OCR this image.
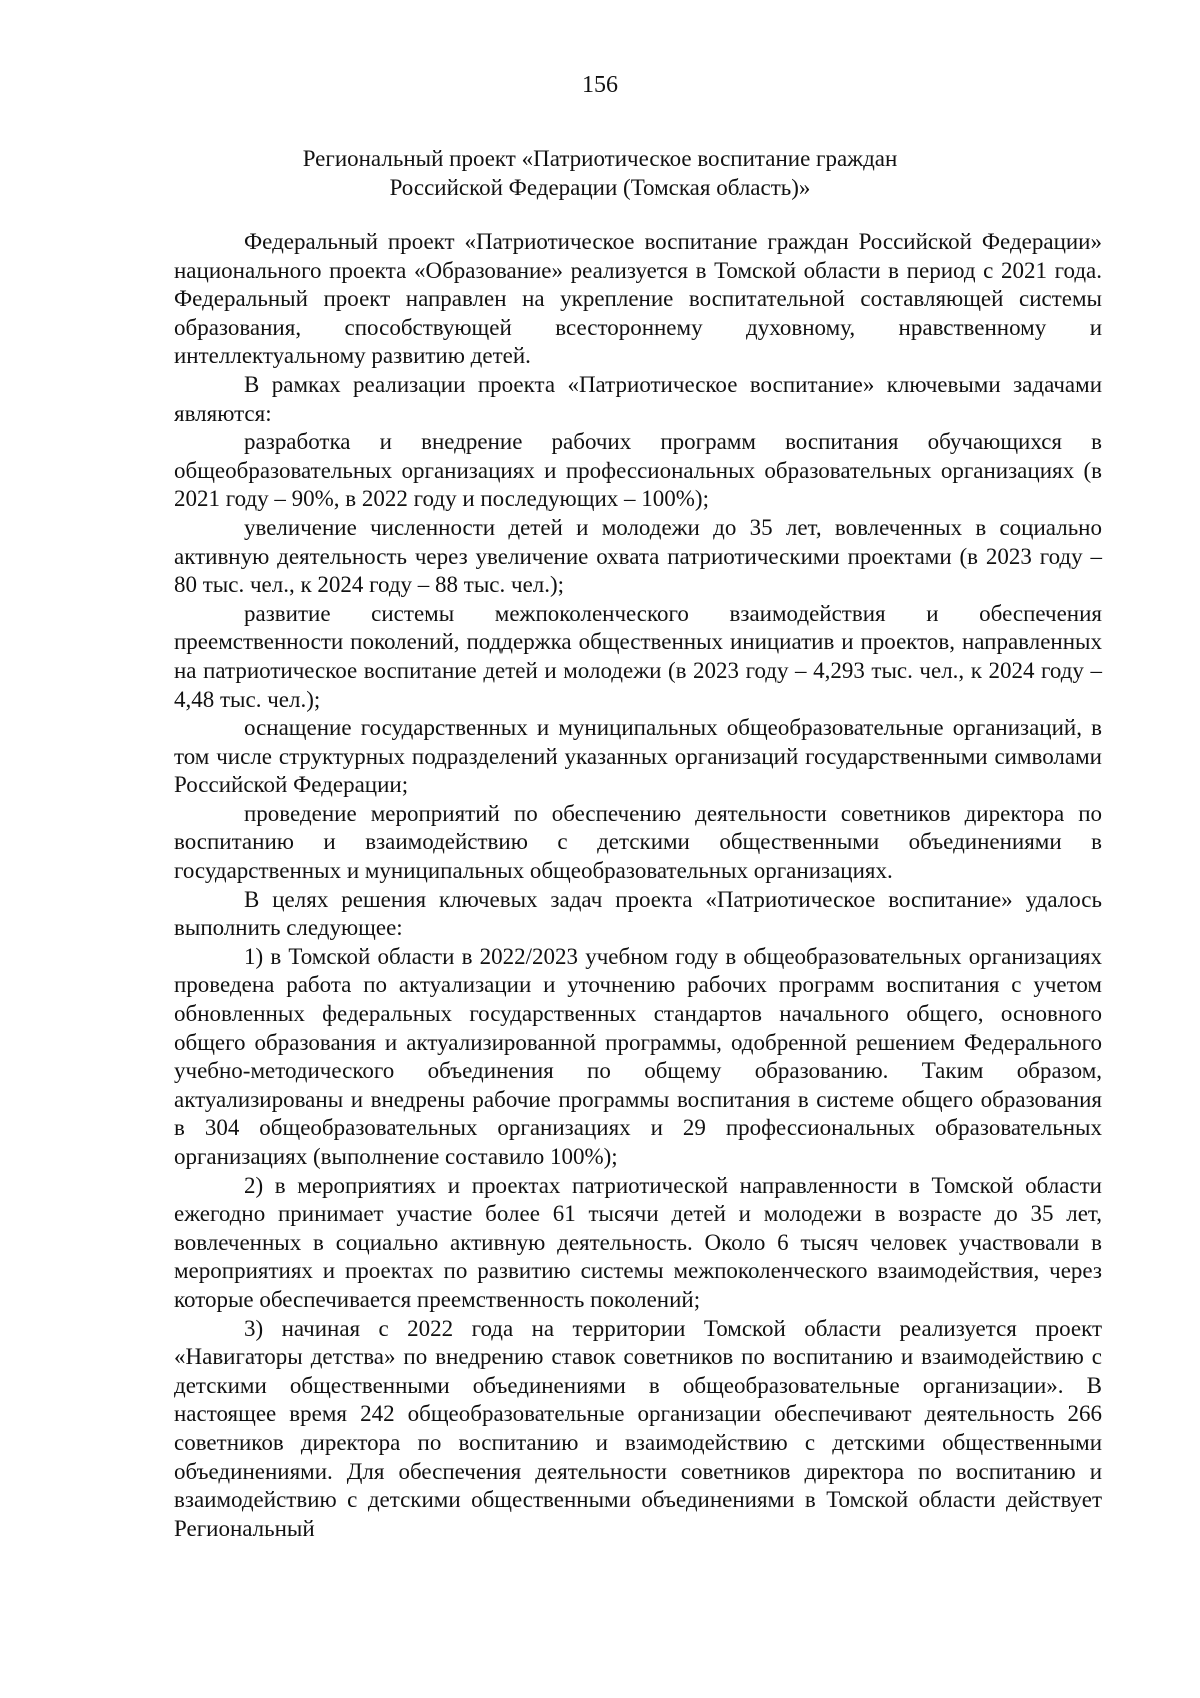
156
Региональный проект «Патриотическое воспитание граждан
Российской Федерации (Томская область)»

Федеральный проект «Патриотическое воспитание граждан Российской Федерации» национального проекта «Образование» реализуется в Томской области в период с 2021 года. Федеральный проект направлен на укрепление воспитательной составляющей системы образования, способствующей всестороннему духовному, нравственному и интеллектуальному развитию детей.

В рамках реализации проекта «Патриотическое воспитание» ключевыми задачами являются:

разработка и внедрение рабочих программ воспитания обучающихся в общеобразовательных организациях и профессиональных образовательных организациях (в 2021 году – 90%, в 2022 году и последующих – 100%);

увеличение численности детей и молодежи до 35 лет, вовлеченных в социально активную деятельность через увеличение охвата патриотическими проектами (в 2023 году – 80 тыс. чел., к 2024 году – 88 тыс. чел.);

развитие системы межпоколенческого взаимодействия и обеспечения преемственности поколений, поддержка общественных инициатив и проектов, направленных на патриотическое воспитание детей и молодежи (в 2023 году – 4,293 тыс. чел., к 2024 году – 4,48 тыс. чел.);

оснащение государственных и муниципальных общеобразовательные организаций, в том числе структурных подразделений указанных организаций государственными символами Российской Федерации;

проведение мероприятий по обеспечению деятельности советников директора по воспитанию и взаимодействию с детскими общественными объединениями в государственных и муниципальных общеобразовательных организациях.

В целях решения ключевых задач проекта «Патриотическое воспитание» удалось выполнить следующее:

1) в Томской области в 2022/2023 учебном году в общеобразовательных организациях проведена работа по актуализации и уточнению рабочих программ воспитания с учетом обновленных федеральных государственных стандартов начального общего, основного общего образования и актуализированной программы, одобренной решением Федерального учебно-методического объединения по общему образованию. Таким образом, актуализированы и внедрены рабочие программы воспитания в системе общего образования в 304 общеобразовательных организациях и 29 профессиональных образовательных организациях (выполнение составило 100%);

2) в мероприятиях и проектах патриотической направленности в Томской области ежегодно принимает участие более 61 тысячи детей и молодежи в возрасте до 35 лет, вовлеченных в социально активную деятельность. Около 6 тысяч человек участвовали в мероприятиях и проектах по развитию системы межпоколенческого взаимодействия, через которые обеспечивается преемственность поколений;

3) начиная с 2022 года на территории Томской области реализуется проект «Навигаторы детства» по внедрению ставок советников по воспитанию и взаимодействию с детскими общественными объединениями в общеобразовательные организации». В настоящее время 242 общеобразовательные организации обеспечивают деятельность 266 советников директора по воспитанию и взаимодействию с детскими общественными объединениями. Для обеспечения деятельности советников директора по воспитанию и взаимодействию с детскими общественными объединениями в Томской области действует Региональный
